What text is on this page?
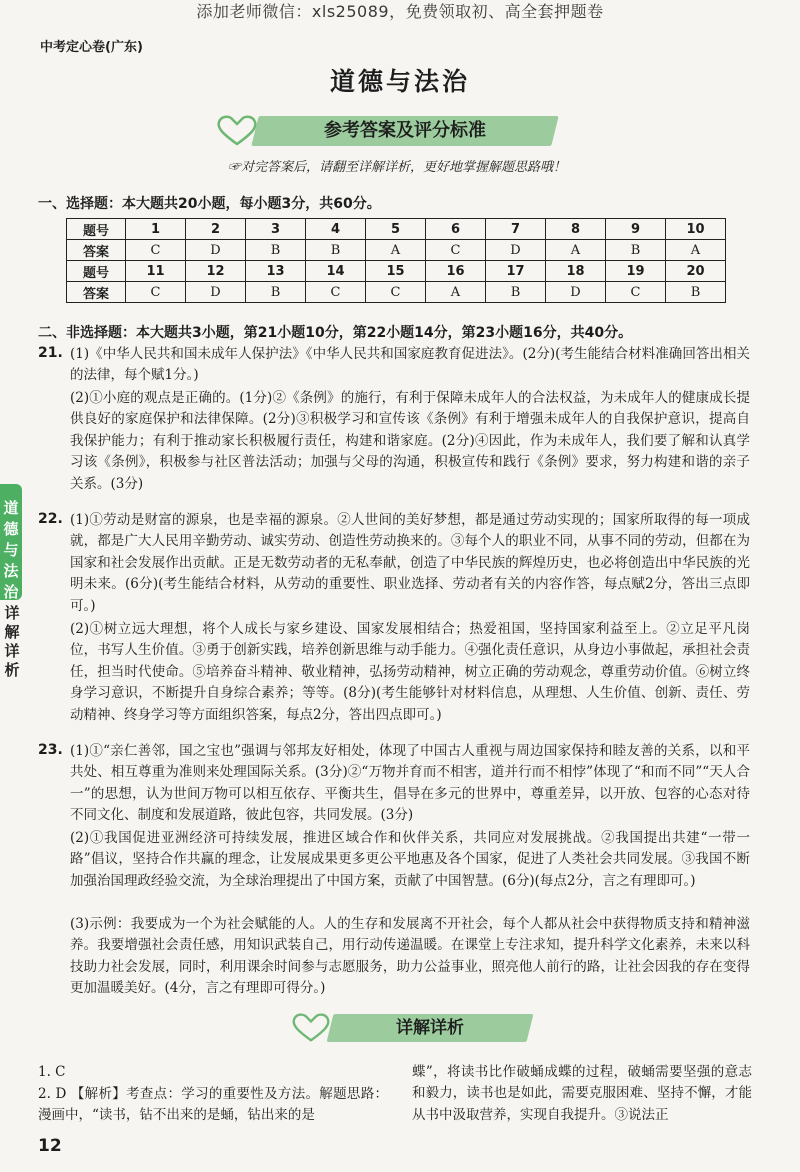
添加老师微信：xls25089，免费领取初、高全套押题卷
中考定心卷(广东)
道德与法治
参考答案及评分标准
☞对完答案后，请翻至详解详析，更好地掌握解题思路哦！
一、选择题：本大题共20小题，每小题3分，共60分。
题号	1	2	3	4	5	6	7	8	9	10
答案	C	D	B	B	A	C	D	A	B	A
题号	11	12	13	14	15	16	17	18	19	20
答案	C	D	B	C	C	A	B	D	C	B
二、非选择题：本大题共3小题，第21小题10分，第22小题14分，第23小题16分，共40分。
21. (1)《中华人民共和国未成年人保护法》《中华人民共和国家庭教育促进法》。(2分)(考生能结合材料准确回答出相关的法律，每个赋1分。)

(2)①小庭的观点是正确的。(1分)②《条例》的施行，有利于保障未成年人的合法权益，为未成年人的健康成长提供良好的家庭保护和法律保障。(2分)③积极学习和宣传该《条例》有利于增强未成年人的自我保护意识，提高自我保护能力；有利于推动家长积极履行责任，构建和谐家庭。(2分)④因此，作为未成年人，我们要了解和认真学习该《条例》，积极参与社区普法活动；加强与父母的沟通，积极宣传和践行《条例》要求，努力构建和谐的亲子关系。(3分)

22. (1)①劳动是财富的源泉，也是幸福的源泉。②人世间的美好梦想，都是通过劳动实现的；国家所取得的每一项成就，都是广大人民用辛勤劳动、诚实劳动、创造性劳动换来的。③每个人的职业不同，从事不同的劳动，但都在为国家和社会发展作出贡献。正是无数劳动者的无私奉献，创造了中华民族的辉煌历史，也必将创造出中华民族的光明未来。(6分)(考生能结合材料，从劳动的重要性、职业选择、劳动者有关的内容作答，每点赋2分，答出三点即可。)

(2)①树立远大理想，将个人成长与家乡建设、国家发展相结合；热爱祖国，坚持国家利益至上。②立足平凡岗位，书写人生价值。③勇于创新实践，培养创新思维与动手能力。④强化责任意识，从身边小事做起，承担社会责任，担当时代使命。⑤培养奋斗精神、敬业精神，弘扬劳动精神，树立正确的劳动观念，尊重劳动价值。⑥树立终身学习意识，不断提升自身综合素养；等等。(8分)(考生能够针对材料信息，从理想、人生价值、创新、责任、劳动精神、终身学习等方面组织答案，每点2分，答出四点即可。)

23. (1)①“亲仁善邻，国之宝也”强调与邻邦友好相处，体现了中国古人重视与周边国家保持和睦友善的关系，以和平共处、相互尊重为准则来处理国际关系。(3分)②“万物并育而不相害，道并行而不相悖”体现了“和而不同”“天人合一”的思想，认为世间万物可以相互依存、平衡共生，倡导在多元的世界中，尊重差异，以开放、包容的心态对待不同文化、制度和发展道路，彼此包容，共同发展。(3分)

(2)①我国促进亚洲经济可持续发展，推进区域合作和伙伴关系，共同应对发展挑战。②我国提出共建“一带一路”倡议，坚持合作共赢的理念，让发展成果更多更公平地惠及各个国家，促进了人类社会共同发展。③我国不断加强治国理政经验交流，为全球治理提出了中国方案，贡献了中国智慧。(6分)(每点2分，言之有理即可。)

(3)示例：我要成为一个为社会赋能的人。人的生存和发展离不开社会，每个人都从社会中获得物质支持和精神滋养。我要增强社会责任感，用知识武装自己，用行动传递温暖。在课堂上专注求知，提升科学文化素养，未来以科技助力社会发展，同时，利用课余时间参与志愿服务，助力公益事业，照亮他人前行的路，让社会因我的存在变得更加温暖美好。(4分，言之有理即可得分。)

道
德
与
法
治
详
解
详
析
详解详析

1. C

2. D 【解析】考查点：学习的重要性及方法。解题思路：漫画中，“读书，钻不出来的是蛹，钻出来的是

蝶”，将读书比作破蛹成蝶的过程，破蛹需要坚强的意志和毅力，读书也是如此，需要克服困难、坚持不懈，才能从书中汲取营养，实现自我提升。③说法正

12
